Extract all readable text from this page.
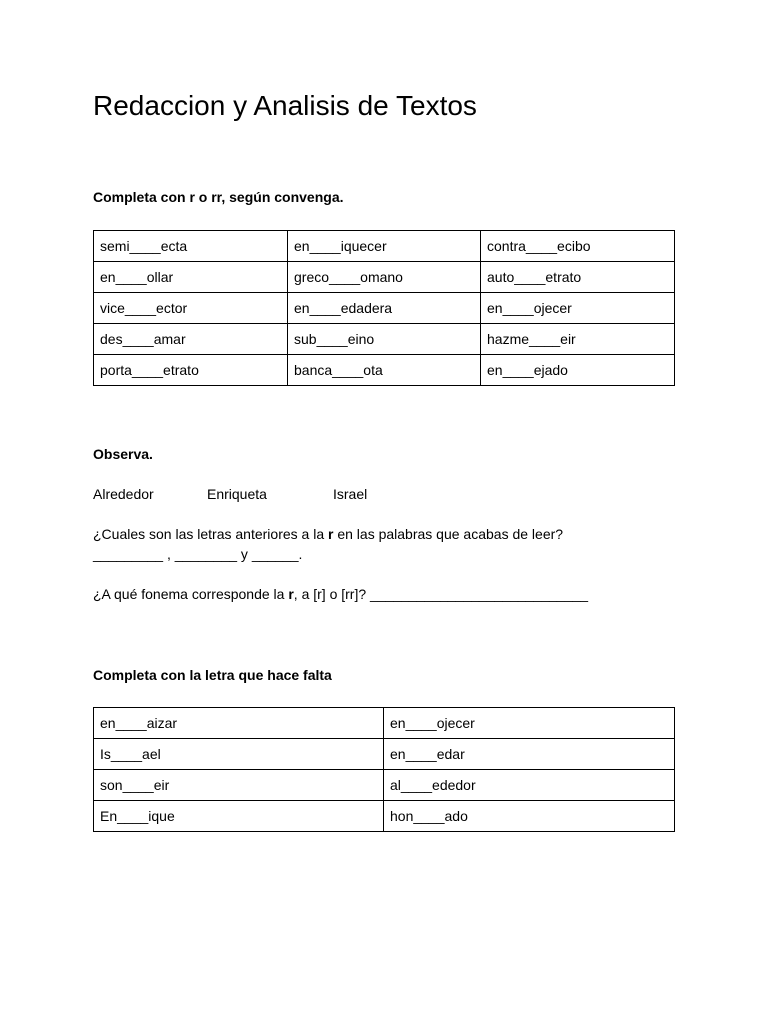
Redaccion y Analisis de Textos

Completa con r o rr, según convenga.

semi____ecta	en____iquecer	contra____ecibo
en____ollar	greco____omano	auto____etrato
vice____ector	en____edadera	en____ojecer
des____amar	sub____eino	hazme____eir
porta____etrato	banca____ota	en____ejado

Observa.

Alrededor	Enriqueta	Israel

¿Cuales son las letras anteriores a la r en las palabras que acabas de leer?

_________ , ________ y ______.

¿A qué fonema corresponde la r, a [r] o [rr]? ____________________________

Completa con la letra que hace falta

en____aizar	en____ojecer
Is____ael	en____edar
son____eir	al____ededor
En____ique	hon____ado
